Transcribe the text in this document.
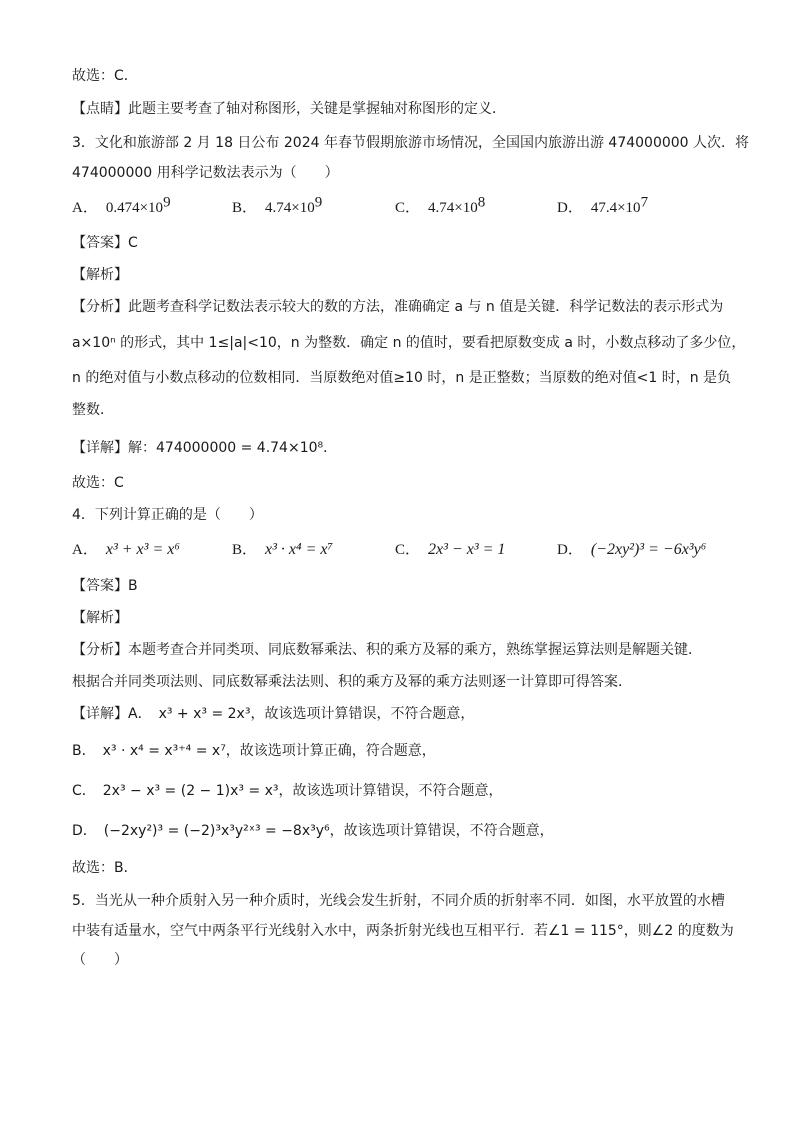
故选：C．
【点睛】此题主要考查了轴对称图形，关键是掌握轴对称图形的定义．
3．文化和旅游部 2 月 18 日公布 2024 年春节假期旅游市场情况，全国国内旅游出游 474000000 人次．将
474000000 用科学记数法表示为（　　）
A． $0.474\times 10^9$	B． $4.74\times 10^9$	C． $4.74\times 10^8$	D． $47.4\times 10^7$
【答案】C
【解析】
【分析】此题考查科学记数法表示较大的数的方法，准确确定 a 与 n 值是关键．科学记数法的表示形式为
a×10ⁿ 的形式，其中 1≤|a|<10，n 为整数．确定 n 的值时，要看把原数变成 a 时，小数点移动了多少位，
n 的绝对值与小数点移动的位数相同．当原数绝对值≥10 时，n 是正整数；当原数的绝对值<1 时，n 是负
整数．
【详解】解：474000000 = 4.74×10⁸．
故选：C
4．下列计算正确的是（　　）
A． x³ + x³ = x⁶	B． x³ · x⁴ = x⁷	C． 2x³ − x³ = 1	D． (−2xy²)³ = −6x³y⁶
【答案】B
【解析】
【分析】本题考查合并同类项、同底数幂乘法、积的乘方及幂的乘方，熟练掌握运算法则是解题关键．
根据合并同类项法则、同底数幂乘法法则、积的乘方及幂的乘方法则逐一计算即可得答案．
【详解】A．　x³ + x³ = 2x³，故该选项计算错误，不符合题意，
B．　x³ · x⁴ = x³⁺⁴ = x⁷，故该选项计算正确，符合题意，
C．　2x³ − x³ = (2 − 1)x³ = x³，故该选项计算错误，不符合题意，
D．　(−2xy²)³ = (−2)³x³y²ˣ³ = −8x³y⁶，故该选项计算错误，不符合题意，
故选：B．
5．当光从一种介质射入另一种介质时，光线会发生折射，不同介质的折射率不同．如图，水平放置的水槽
中装有适量水，空气中两条平行光线射入水中，两条折射光线也互相平行．若∠1 = 115°，则∠2 的度数为
（　　）
